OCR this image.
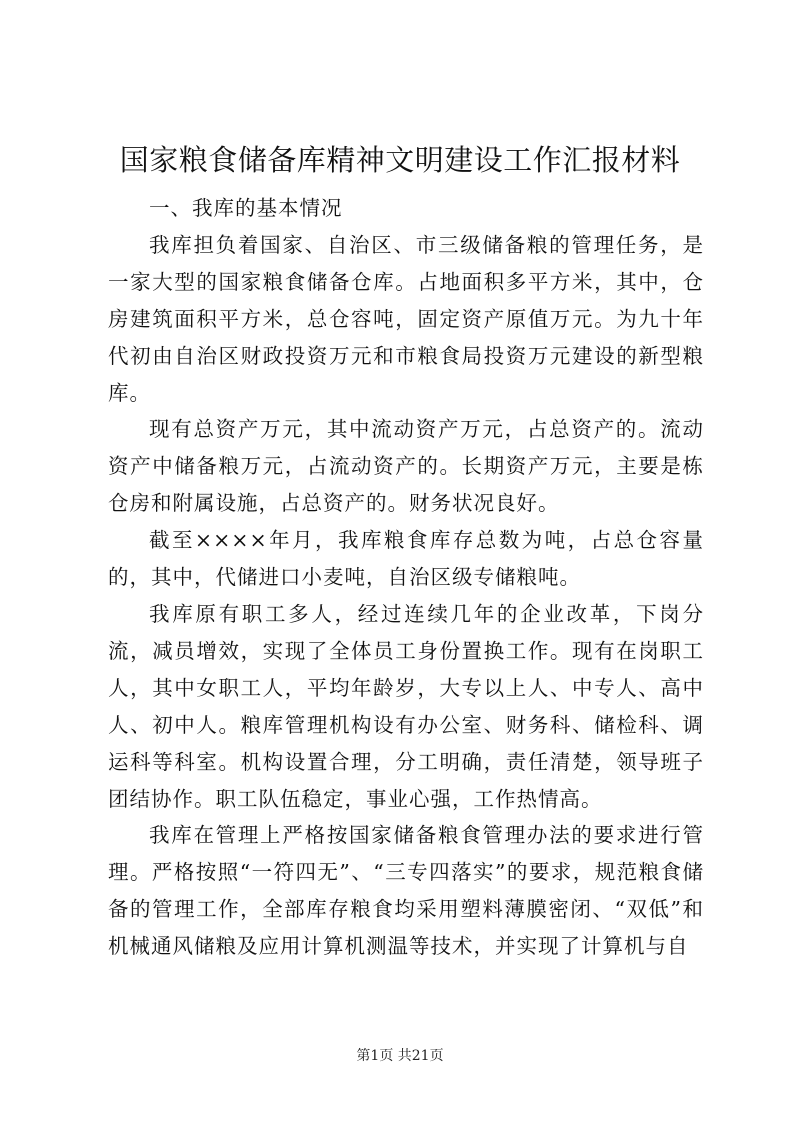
国家粮食储备库精神文明建设工作汇报材料

一、我库的基本情况

我库担负着国家、自治区、市三级储备粮的管理任务，是一家大型的国家粮食储备仓库。占地面积多平方米，其中，仓房建筑面积平方米，总仓容吨，固定资产原值万元。为九十年代初由自治区财政投资万元和市粮食局投资万元建设的新型粮库。

现有总资产万元，其中流动资产万元，占总资产的。流动资产中储备粮万元，占流动资产的。长期资产万元，主要是栋仓房和附属设施，占总资产的。财务状况良好。

截至××××年月，我库粮食库存总数为吨，占总仓容量的，其中，代储进口小麦吨，自治区级专储粮吨。

我库原有职工多人，经过连续几年的企业改革，下岗分流，减员增效，实现了全体员工身份置换工作。现有在岗职工人，其中女职工人，平均年龄岁，大专以上人、中专人、高中人、初中人。粮库管理机构设有办公室、财务科、储检科、调运科等科室。机构设置合理，分工明确，责任清楚，领导班子团结协作。职工队伍稳定，事业心强，工作热情高。

我库在管理上严格按国家储备粮食管理办法的要求进行管理。严格按照“一符四无”、“三专四落实”的要求，规范粮食储备的管理工作，全部库存粮食均采用塑料薄膜密闭、“双低”和机械通风储粮及应用计算机测温等技术，并实现了计算机与自

第1页 共21页
